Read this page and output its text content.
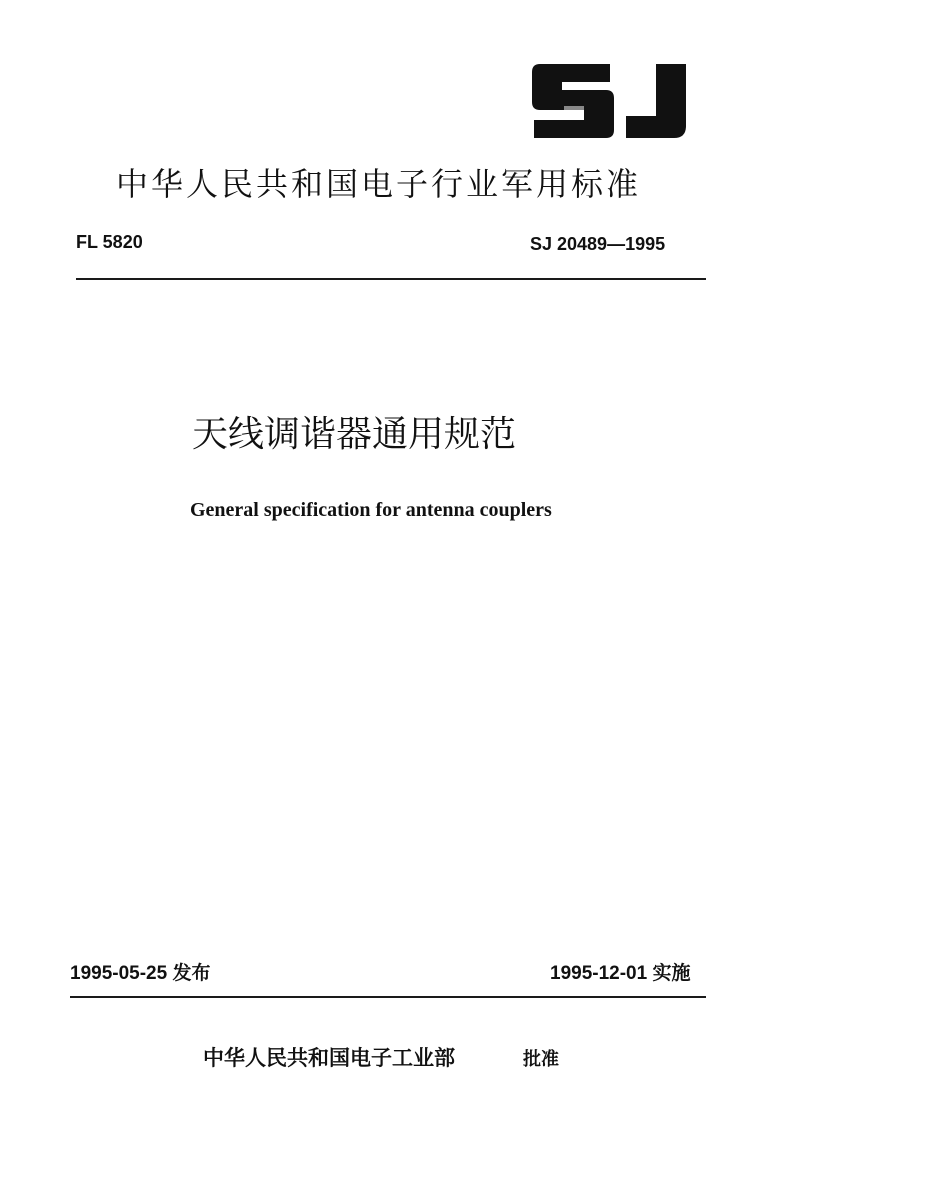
中华人民共和国电子行业军用标准
FL 5820	SJ 20489—1995
天线调谐器通用规范
General specification for antenna couplers
1995-05-25 发布	1995-12-01 实施
中华人民共和国电子工业部	批准
